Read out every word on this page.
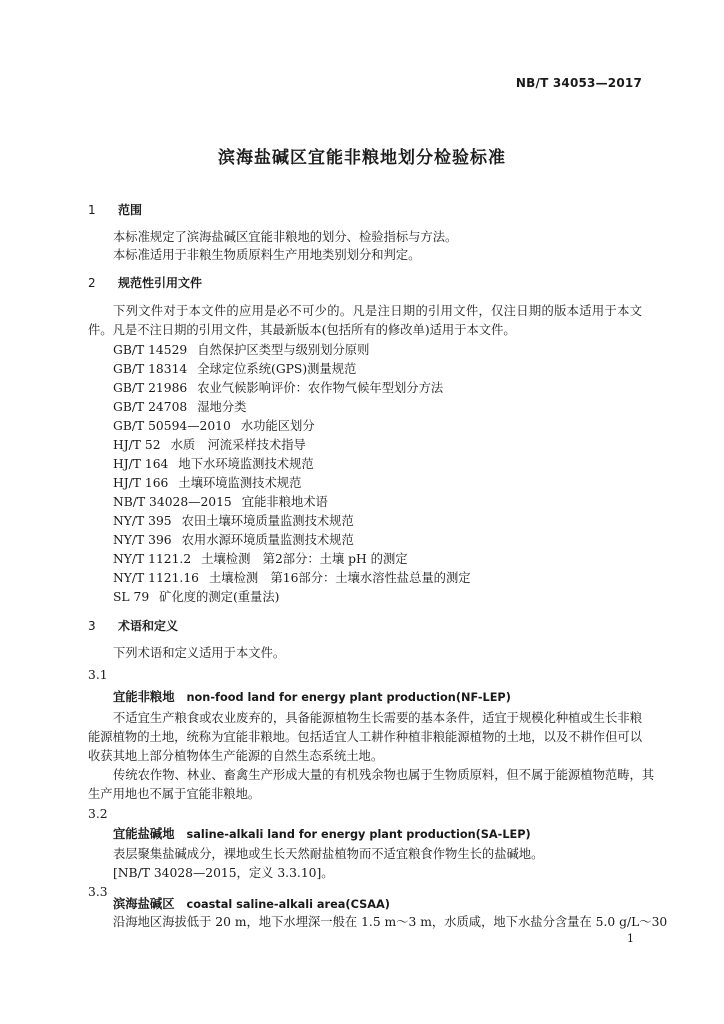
NB/T 34053—2017
滨海盐碱区宜能非粮地划分检验标准
1 范围
本标准规定了滨海盐碱区宜能非粮地的划分、检验指标与方法。
本标准适用于非粮生物质原料生产用地类别划分和判定。
2 规范性引用文件
下列文件对于本文件的应用是必不可少的。凡是注日期的引用文件，仅注日期的版本适用于本文
件。凡是不注日期的引用文件，其最新版本(包括所有的修改单)适用于本文件。
GB/T 14529 自然保护区类型与级别划分原则
GB/T 18314 全球定位系统(GPS)测量规范
GB/T 21986 农业气候影响评价：农作物气候年型划分方法
GB/T 24708 湿地分类
GB/T 50594—2010 水功能区划分
HJ/T 52 水质　河流采样技术指导
HJ/T 164 地下水环境监测技术规范
HJ/T 166 土壤环境监测技术规范
NB/T 34028—2015 宜能非粮地术语
NY/T 395 农田土壤环境质量监测技术规范
NY/T 396 农用水源环境质量监测技术规范
NY/T 1121.2 土壤检测　第2部分：土壤 pH 的测定
NY/T 1121.16 土壤检测　第16部分：土壤水溶性盐总量的测定
SL 79 矿化度的测定(重量法)
3 术语和定义
下列术语和定义适用于本文件。
3.1
宜能非粮地 non-food land for energy plant production(NF-LEP)
不适宜生产粮食或农业废弃的，具备能源植物生长需要的基本条件，适宜于规模化种植或生长非粮
能源植物的土地，统称为宜能非粮地。包括适宜人工耕作种植非粮能源植物的土地，以及不耕作但可以
收获其地上部分植物体生产能源的自然生态系统土地。
传统农作物、林业、畜禽生产形成大量的有机残余物也属于生物质原料，但不属于能源植物范畴，其
生产用地也不属于宜能非粮地。
3.2
宜能盐碱地 saline-alkali land for energy plant production(SA-LEP)
表层聚集盐碱成分，裸地或生长天然耐盐植物而不适宜粮食作物生长的盐碱地。
[NB/T 34028—2015，定义 3.3.10]。
3.3
滨海盐碱区 coastal saline-alkali area(CSAA)
沿海地区海拔低于 20 m，地下水埋深一般在 1.5 m～3 m，水质咸，地下水盐分含量在 5.0 g/L～30
1
